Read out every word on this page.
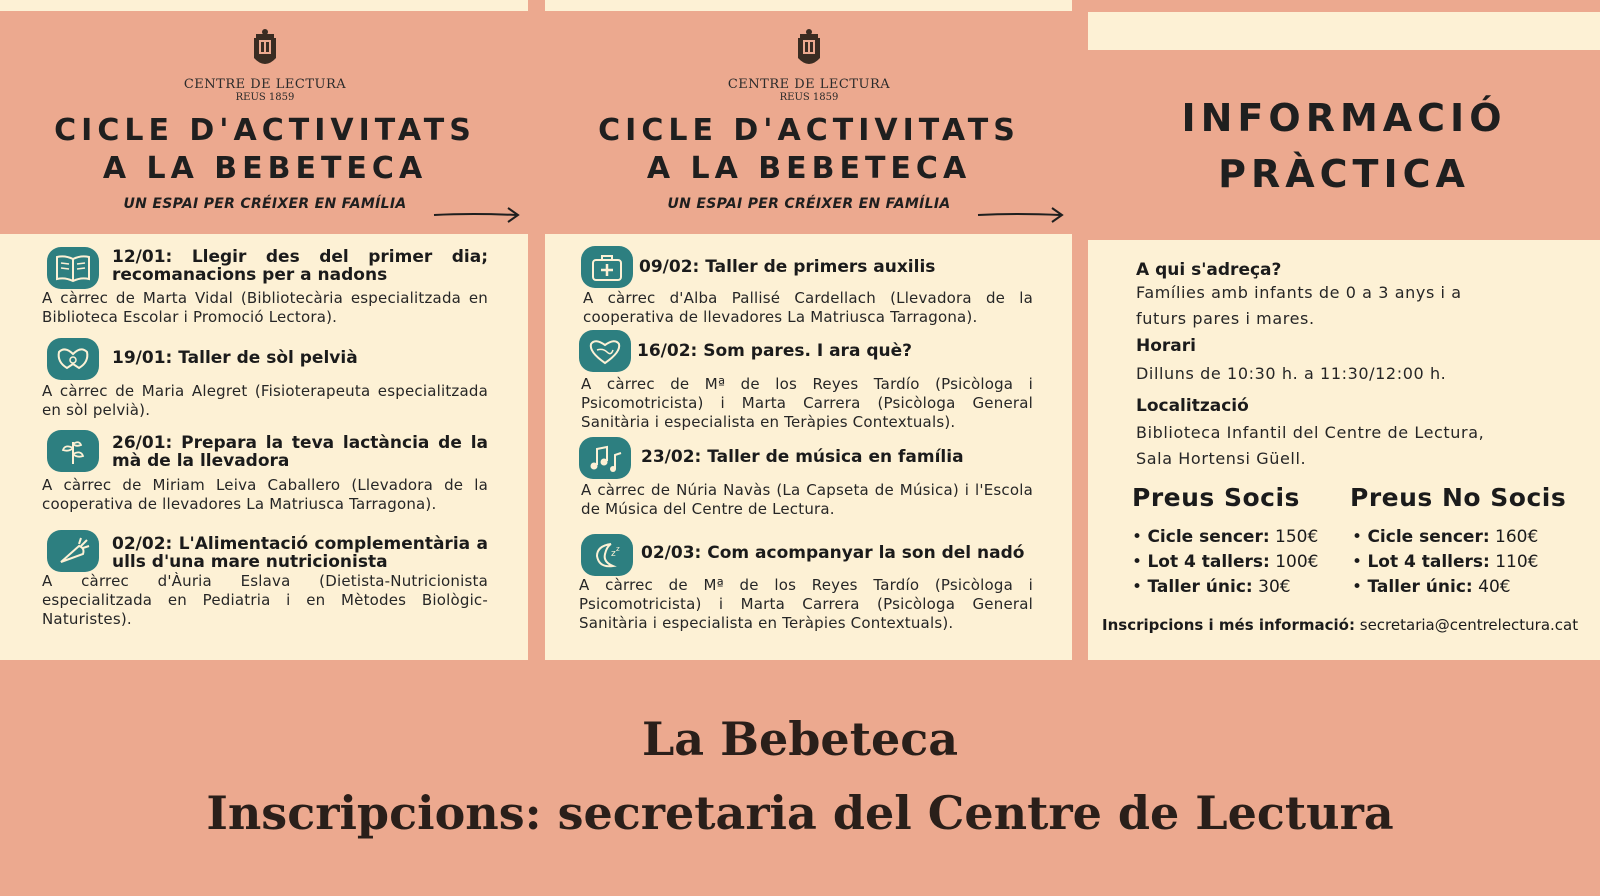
CENTRE DE LECTURA
REUS 1859
CICLE D'ACTIVITATS
A LA BEBETECA
UN ESPAI PER CRÉIXER EN FAMÍLIA
CENTRE DE LECTURA
REUS 1859
CICLE D'ACTIVITATS
A LA BEBETECA
UN ESPAI PER CRÉIXER EN FAMÍLIA
INFORMACIÓ
PRÀCTICA
12/01: Llegir des del primer dia; recomanacions per a nadons
A càrrec de Marta Vidal (Bibliotecària especialitzada en Biblioteca Escolar i Promoció Lectora).
19/01: Taller de sòl pelvià
A càrrec de Maria Alegret (Fisioterapeuta especialitzada en sòl pelvià).
26/01: Prepara la teva lactància de la mà de la llevadora
A càrrec de Miriam Leiva Caballero (Llevadora de la cooperativa de llevadores La Matriusca Tarragona).
02/02: L'Alimentació complementària a ulls d'una mare nutricionista
A càrrec d'Àuria Eslava (Dietista-Nutricionista especialitzada en Pediatria i en Mètodes Biològic-Naturistes).
09/02: Taller de primers auxilis
A càrrec d'Alba Pallisé Cardellach (Llevadora de la cooperativa de llevadores La Matriusca Tarragona).
16/02: Som pares. I ara què?
A càrrec de Mª de los Reyes Tardío (Psicòloga i Psicomotricista) i Marta Carrera (Psicòloga General Sanitària i especialista en Teràpies Contextuals).
23/02: Taller de música en família
A càrrec de Núria Navàs (La Capseta de Música) i l'Escola de Música del Centre de Lectura.
z z 02/03: Com acompanyar la son del nadó
A càrrec de Mª de los Reyes Tardío (Psicòloga i Psicomotricista) i Marta Carrera (Psicòloga General Sanitària i especialista en Teràpies Contextuals).
A qui s'adreça?
Famílies amb infants de 0 a 3 anys i a
futurs pares i mares.
Horari
Dilluns de 10:30 h. a 11:30/12:00 h.
Localització
Biblioteca Infantil del Centre de Lectura,
Sala Hortensi Güell.
Preus Socis
• Cicle sencer: 150€
• Lot 4 tallers: 100€
• Taller únic: 30€
Preus No Socis
• Cicle sencer: 160€
• Lot 4 tallers: 110€
• Taller únic: 40€
Inscripcions i més informació: secretaria@centrelectura.cat
La Bebeteca
Inscripcions: secretaria del Centre de Lectura
